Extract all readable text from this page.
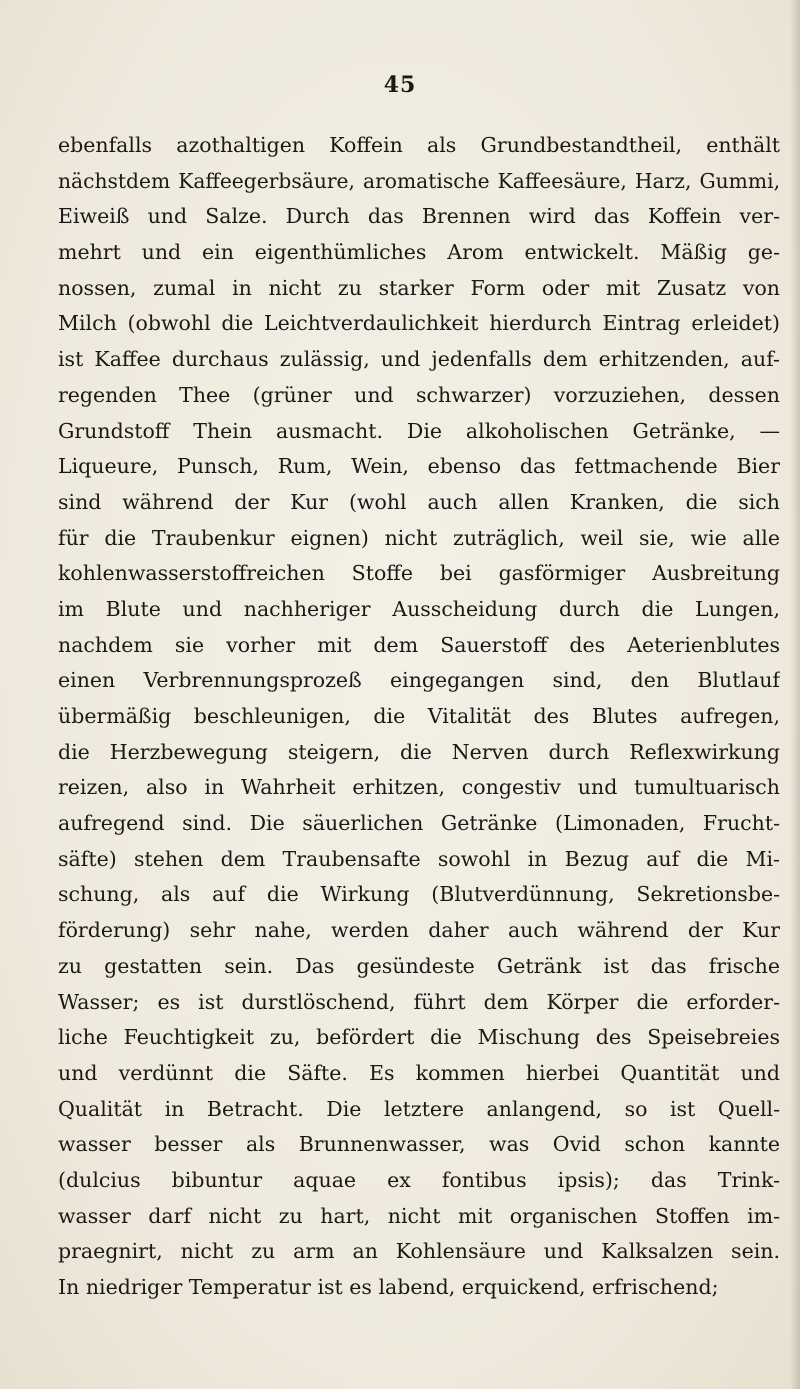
45
ebenfalls azothaltigen Koffein als Grundbestandtheil, enthält
nächstdem Kaffeegerbsäure, aromatische Kaffeesäure, Harz, Gummi,
Eiweiß und Salze. Durch das Brennen wird das Koffein ver-
mehrt und ein eigenthümliches Arom entwickelt. Mäßig ge-
nossen, zumal in nicht zu starker Form oder mit Zusatz von
Milch (obwohl die Leichtverdaulichkeit hierdurch Eintrag erleidet)
ist Kaffee durchaus zulässig, und jedenfalls dem erhitzenden, auf-
regenden Thee (grüner und schwarzer) vorzuziehen, dessen
Grundstoff Thein ausmacht. Die alkoholischen Getränke, —
Liqueure, Punsch, Rum, Wein, ebenso das fettmachende Bier
sind während der Kur (wohl auch allen Kranken, die sich
für die Traubenkur eignen) nicht zuträglich, weil sie, wie alle
kohlenwasserstoffreichen Stoffe bei gasförmiger Ausbreitung
im Blute und nachheriger Ausscheidung durch die Lungen,
nachdem sie vorher mit dem Sauerstoff des Aeterienblutes
einen Verbrennungsprozeß eingegangen sind, den Blutlauf
übermäßig beschleunigen, die Vitalität des Blutes aufregen,
die Herzbewegung steigern, die Nerven durch Reflexwirkung
reizen, also in Wahrheit erhitzen, congestiv und tumultuarisch
aufregend sind. Die säuerlichen Getränke (Limonaden, Frucht-
säfte) stehen dem Traubensafte sowohl in Bezug auf die Mi-
schung, als auf die Wirkung (Blutverdünnung, Sekretionsbe-
förderung) sehr nahe, werden daher auch während der Kur
zu gestatten sein. Das gesündeste Getränk ist das frische
Wasser; es ist durstlöschend, führt dem Körper die erforder-
liche Feuchtigkeit zu, befördert die Mischung des Speisebreies
und verdünnt die Säfte. Es kommen hierbei Quantität und
Qualität in Betracht. Die letztere anlangend, so ist Quell-
wasser besser als Brunnenwasser, was Ovid schon kannte
(dulcius bibuntur aquae ex fontibus ipsis); das Trink-
wasser darf nicht zu hart, nicht mit organischen Stoffen im-
praegnirt, nicht zu arm an Kohlensäure und Kalksalzen sein.
In niedriger Temperatur ist es labend, erquickend, erfrischend;
